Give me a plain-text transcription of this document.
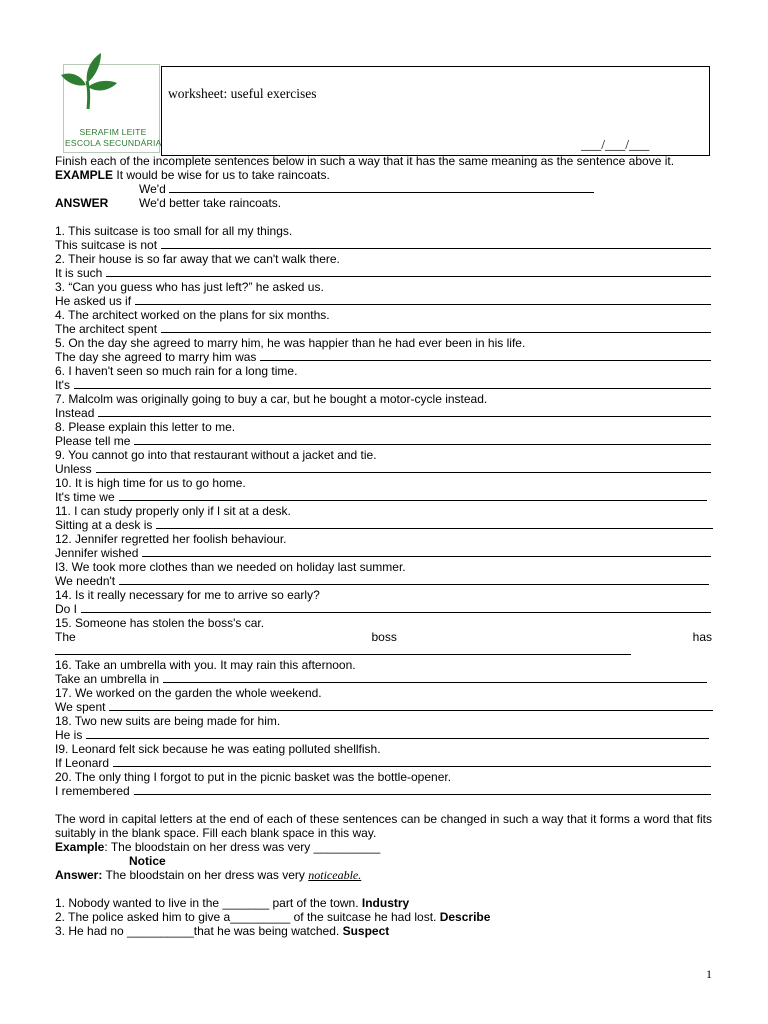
SERAFIM LEITE
ESCOLA SECUNDÁRIA
worksheet: useful exercises
___/___/___
Finish each of the incomplete sentences below in such a way that it has the same meaning as the sentence above it.
EXAMPLE It would be wise for us to take raincoats.
We'd
ANSWER	We'd better take raincoats.
1. This suitcase is too small for all my things.
This suitcase is not
2. Their house is so far away that we can't walk there.
It is such
3. “Can you guess who has just left?” he asked us.
He asked us if
4. The architect worked on the plans for six months.
The architect spent
5. On the day she agreed to marry him, he was happier than he had ever been in his life.
The day she agreed to marry him was
6. I haven't seen so much rain for a long time.
It's
7. Malcolm was originally going to buy a car, but he bought a motor-cycle instead.
Instead
8. Please explain this letter to me.
Please tell me
9. You cannot go into that restaurant without a jacket and tie.
Unless
10. It is high time for us to go home.
It's time we
11. I can study properly only if I sit at a desk.
Sitting at a desk is
12. Jennifer regretted her foolish behaviour.
Jennifer wished
I3. We took more clothes than we needed on holiday last summer.
We needn't
14. Is it really necessary for me to arrive so early?
Do I
15. Someone has stolen the boss's car.
The	boss	has
16. Take an umbrella with you. It may rain this afternoon.
Take an umbrella in
17. We worked on the garden the whole weekend.
We spent
18. Two new suits are being made for him.
He is
I9. Leonard felt sick because he was eating polluted shellfish.
If Leonard
20. The only thing I forgot to put in the picnic basket was the bottle-opener.
I remembered
The word in capital letters at the end of each of these sentences can be changed in such a way that it forms a word that fits suitably in the blank space. Fill each blank space in this way.
Example: The bloodstain on her dress was very __________
Notice
Answer: The bloodstain on her dress was very noticeable.
1. Nobody wanted to live in the _______ part of the town. Industry
2. The police asked him to give a_________ of the suitcase he had lost. Describe
3. He had no __________that he was being watched. Suspect
1
